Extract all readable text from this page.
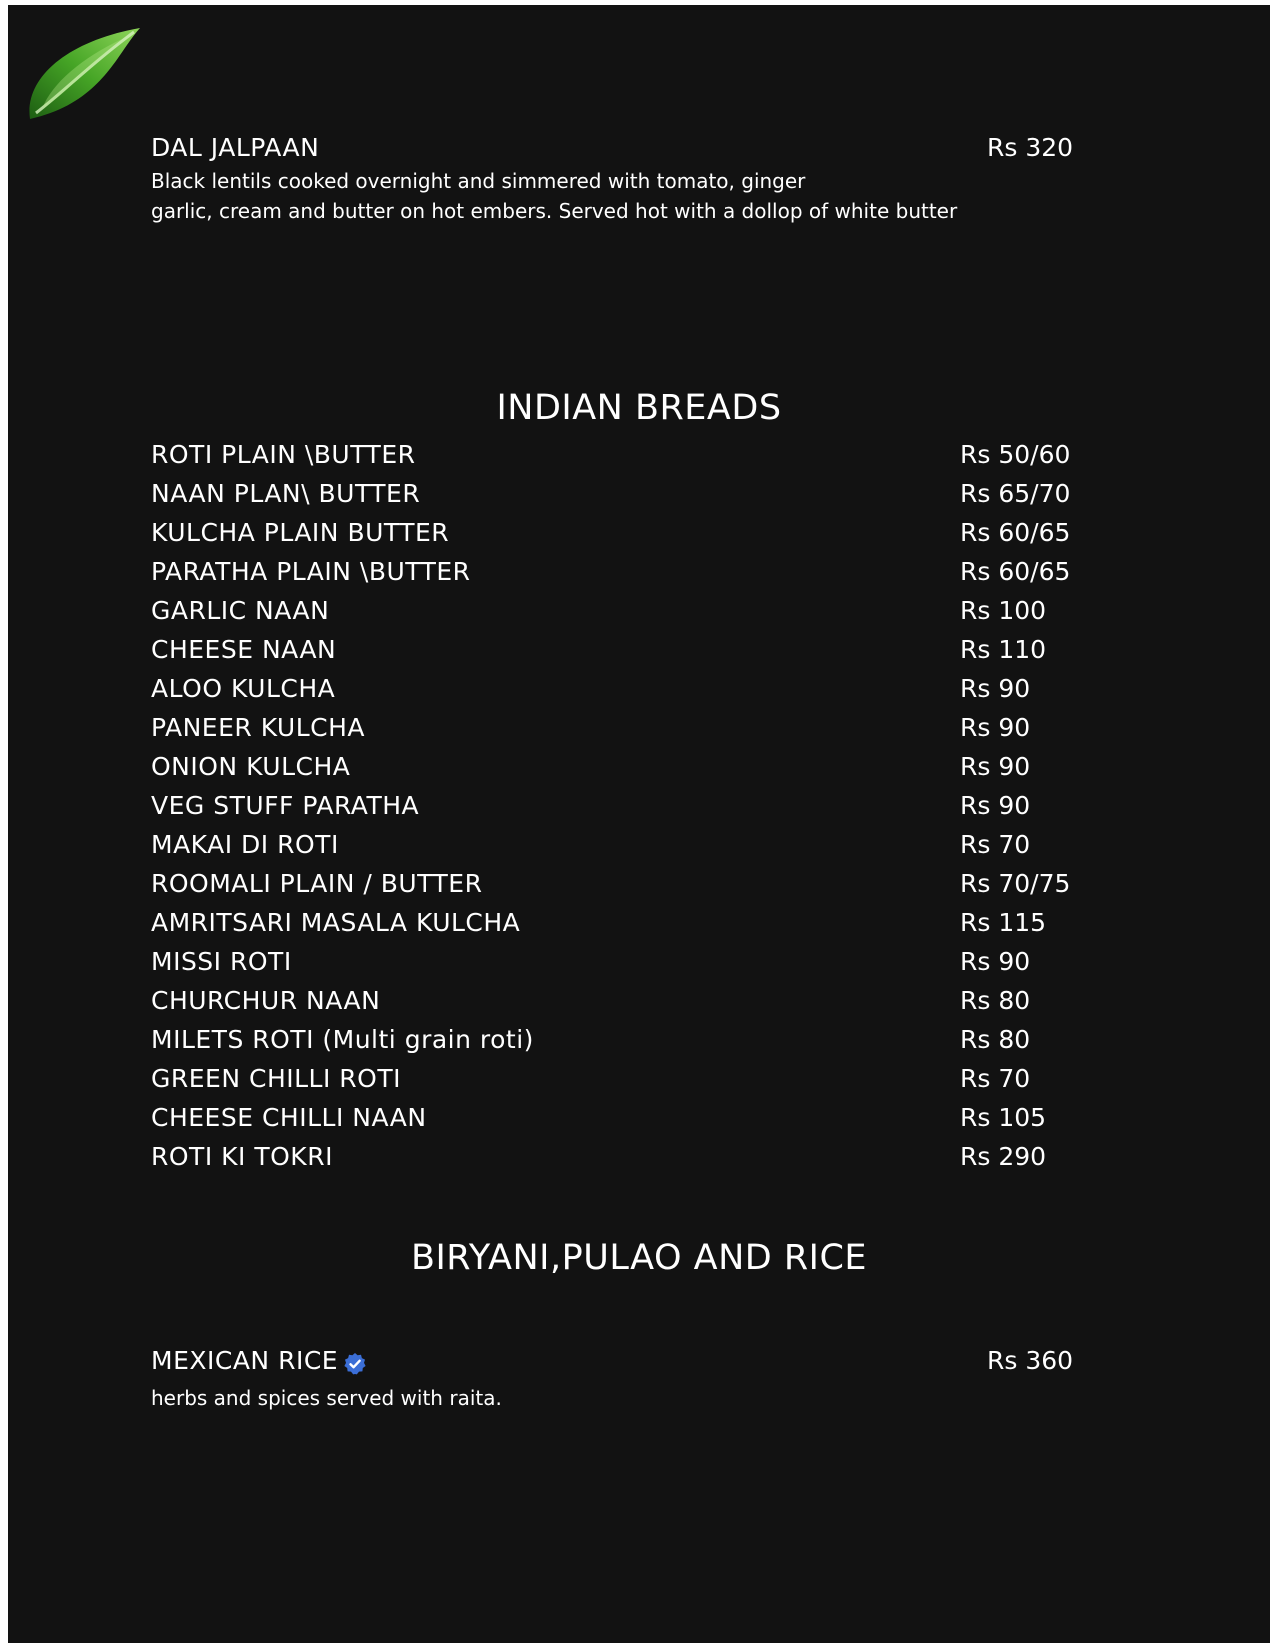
DAL JALPAAN	Rs 320
Black lentils cooked overnight and simmered with tomato, ginger
garlic, cream and butter on hot embers. Served hot with a dollop of white butter
INDIAN BREADS
ROTI PLAIN \BUTTER	Rs 50/60
NAAN PLAN\ BUTTER	Rs 65/70
KULCHA PLAIN BUTTER	Rs 60/65
PARATHA PLAIN \BUTTER	Rs 60/65
GARLIC NAAN	Rs 100
CHEESE NAAN	Rs 110
ALOO KULCHA	Rs 90
PANEER KULCHA	Rs 90
ONION KULCHA	Rs 90
VEG STUFF PARATHA	Rs 90
MAKAI DI ROTI	Rs 70
ROOMALI PLAIN / BUTTER	Rs 70/75
AMRITSARI MASALA KULCHA	Rs 115
MISSI ROTI	Rs 90
CHURCHUR NAAN	Rs 80
MILETS ROTI (Multi grain roti)	Rs 80
GREEN CHILLI ROTI	Rs 70
CHEESE CHILLI NAAN	Rs 105
ROTI KI TOKRI	Rs 290
BIRYANI,PULAO AND RICE
MEXICAN RICE	Rs 360
herbs and spices served with raita.
